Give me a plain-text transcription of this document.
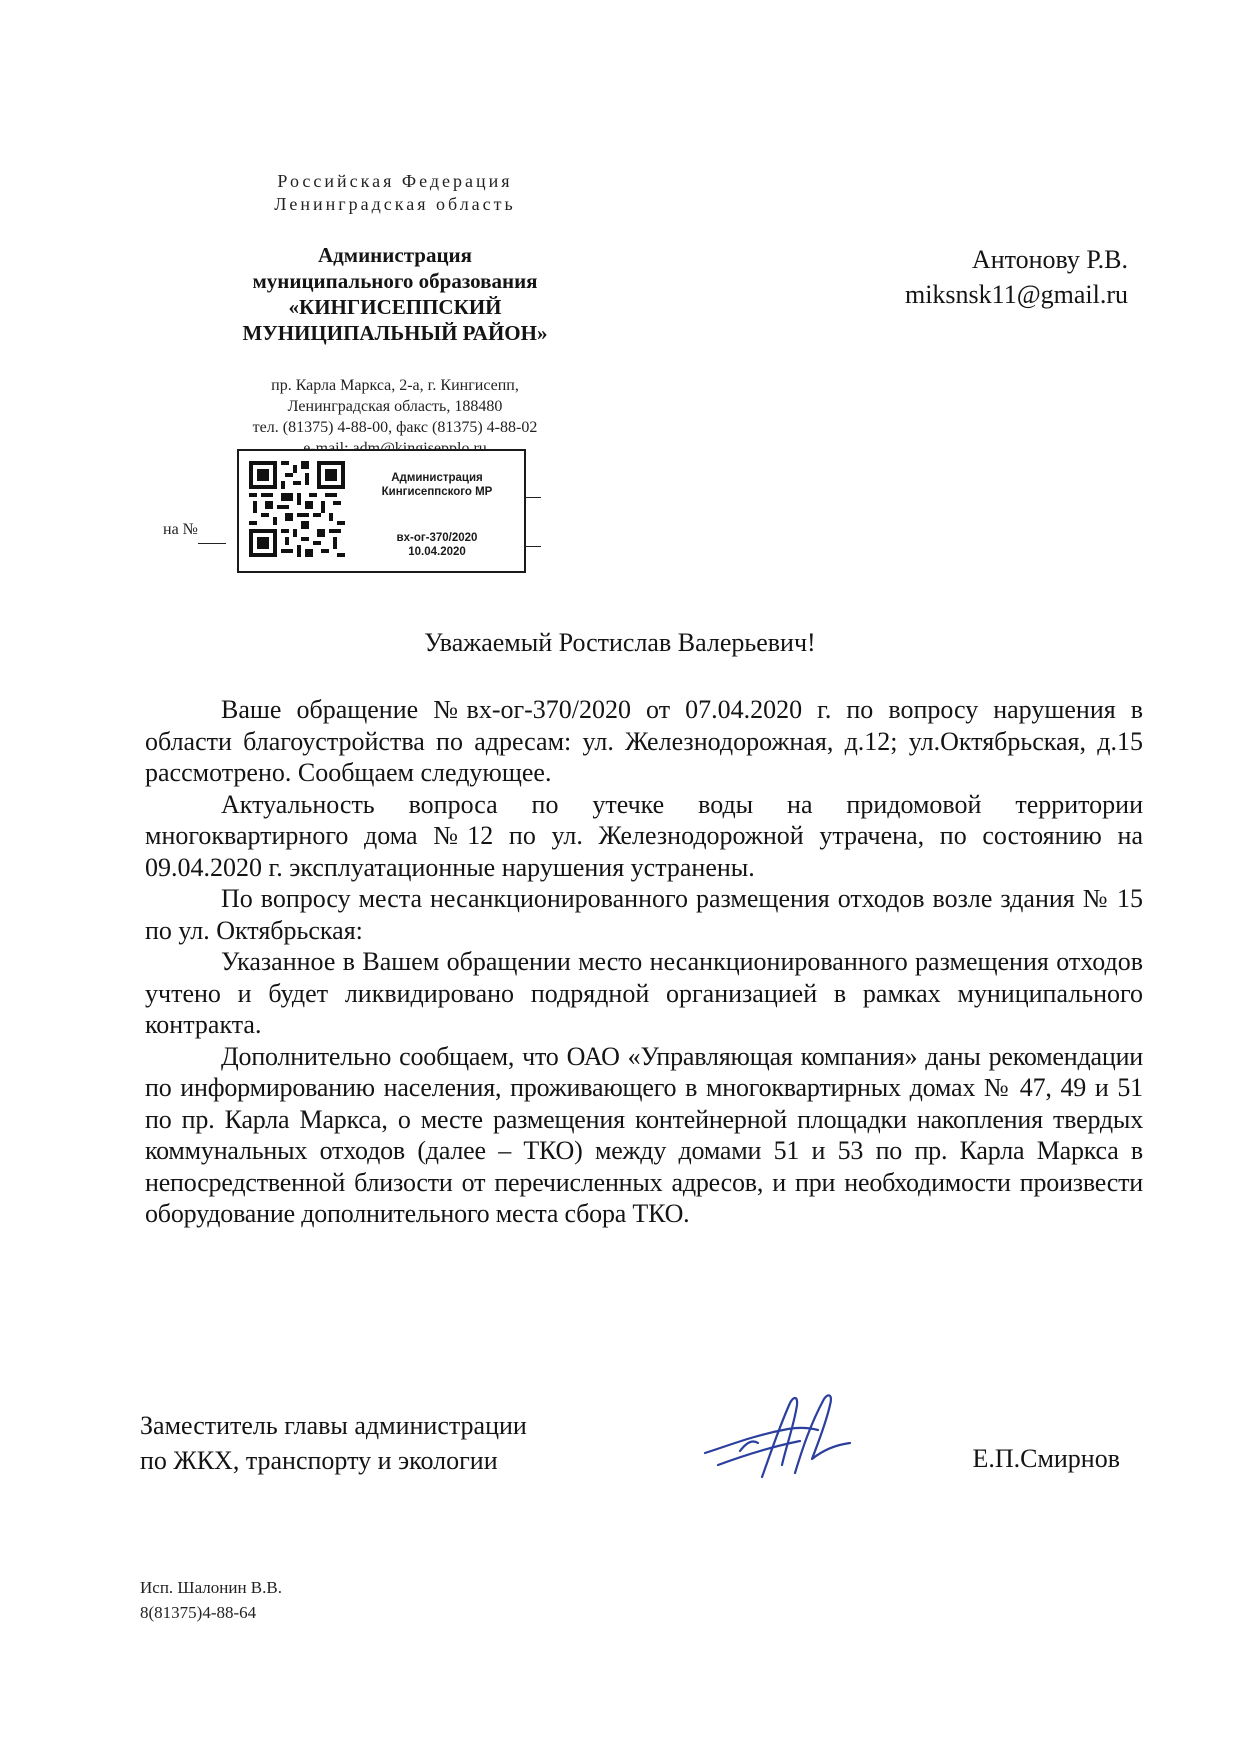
Российская Федерация
Ленинградская область
Администрация
муниципального образования
«КИНГИСЕППСКИЙ
МУНИЦИПАЛЬНЫЙ РАЙОН»
пр. Карла Маркса, 2-а, г. Кингисепп,
Ленинградская область, 188480
тел. (81375) 4-88-00, факс (81375) 4-88-02
Администрация
Кингисеппского МР
вх-ог-370/2020
10.04.2020
на №
Антонову Р.В.
miksnsk11@gmail.ru
Уважаемый Ростислав Валерьевич!

Ваше обращение №вх-ог-370/2020 от 07.04.2020 г. по вопросу нарушения в области благоустройства по адресам: ул. Железнодорожная, д.12; ул.Октябрьская, д.15 рассмотрено. Сообщаем следующее.

Актуальность вопроса по утечке воды на придомовой территории многоквартирного дома №12 по ул. Железнодорожной утрачена, по состоянию на 09.04.2020 г. эксплуатационные нарушения устранены.

По вопросу места несанкционированного размещения отходов возле здания № 15 по ул. Октябрьская:

Указанное в Вашем обращении место несанкционированного размещения отходов учтено и будет ликвидировано подрядной организацией в рамках муниципального контракта.

Дополнительно сообщаем, что ОАО «Управляющая компания» даны рекомендации по информированию населения, проживающего в многоквартирных домах № 47, 49 и 51 по пр. Карла Маркса, о месте размещения контейнерной площадки накопления твердых коммунальных отходов (далее – ТКО) между домами 51 и 53 по пр. Карла Маркса в непосредственной близости от перечисленных адресов, и при необходимости произвести оборудование дополнительного места сбора ТКО.

Заместитель главы администрации
по ЖКХ, транспорту и экологии	Е.П.Смирнов
Исп. Шалонин В.В.
8(81375)4-88-64
